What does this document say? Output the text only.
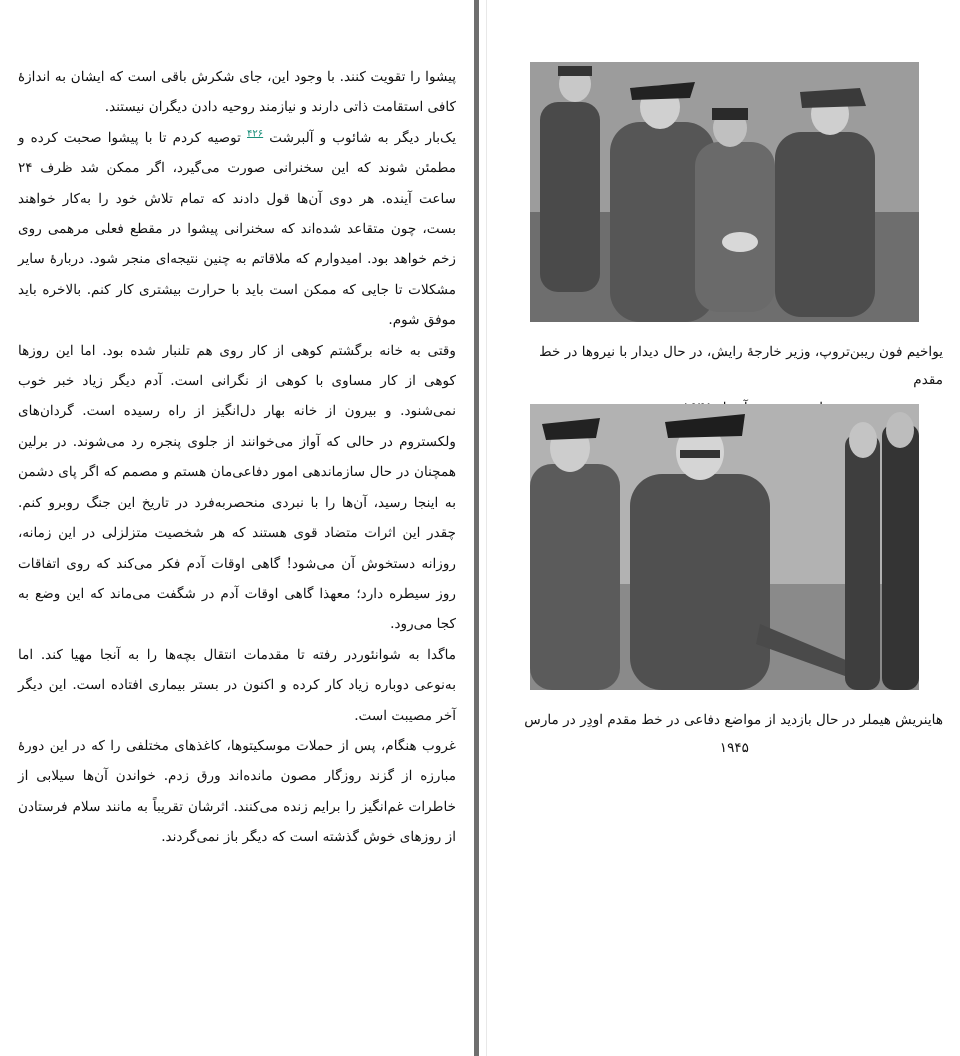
پیشوا را تقویت کنند. با وجود این، جای شکرش باقی است که ایشان به اندازهٔ کافی استقامت ذاتی دارند و نیازمند روحیه دادن دیگران نیستند.

یک‌بار دیگر به شائوب و آلبرشت $^{۴۲۶}$ توصیه کردم تا با پیشوا صحبت کرده و مطمئن شوند که این سخنرانی صورت می‌گیرد، اگر ممکن شد ظرف ۲۴ ساعت آینده. هر دوی آن‌ها قول دادند که تمام تلاش خود را به‌کار خواهند بست، چون متقاعد شده‌اند که سخنرانی پیشوا در مقطع فعلی مرهمی روی زخم خواهد بود. امیدوارم که ملاقاتم به چنین نتیجه‌ای منجر شود. دربارهٔ سایر مشکلات تا جایی که ممکن است باید با حرارت بیشتری کار کنم. بالاخره باید موفق شوم.

وقتی به خانه برگشتم کوهی از کار روی هم تلنبار شده بود. اما این روزها کوهی از کار مساوی با کوهی از نگرانی است. آدم دیگر زیاد خبر خوب نمی‌شنود. و بیرون از خانه بهار دل‌انگیز از راه رسیده است. گردان‌های ولکستروم در حالی که آواز می‌خوانند از جلوی پنجره رد می‌شوند. در برلین همچنان در حال سازماندهی امور دفاعی‌مان هستم و مصمم که اگر پای دشمن به اینجا رسید، آن‌ها را با نبردی منحصربه‌فرد در تاریخ این جنگ روبرو کنم. چقدر این اثرات متضاد قوی هستند که هر شخصیت متزلزلی در این زمانه، روزانه دستخوش آن می‌شود! گاهی اوقات آدم فکر می‌کند که روی اتفاقات روز سیطره دارد؛ معهذا گاهی اوقات آدم در شگفت می‌ماند که این وضع به کجا می‌رود.

ماگدا به شوانئوردر رفته تا مقدمات انتقال بچه‌ها را به آنجا مهیا کند. اما به‌نوعی دوباره زیاد کار کرده و اکنون در بستر بیماری افتاده است. این دیگر آخر مصیبت است.

غروب هنگام، پس از حملات موسکیتوها، کاغذهای مختلفی را که در این دورهٔ مبارزه از گزند روزگار مصون مانده‌اند ورق زدم. خواندن آن‌ها سیلابی از خاطرات غم‌انگیز را برایم زنده می‌کنند. اثرشان تقریباً به مانند سلام فرستادن از روزهای خوش گذشته است که دیگر باز نمی‌گردند.

یواخیم فون ریبن‌تروپ، وزیر خارجهٔ رایش، در حال دیدار با نیروها در خط مقدم
هاینریش هیملر در حال بازدید از مواضع دفاعی در خط مقدم اودِر در مارس
۱۹۴۵
